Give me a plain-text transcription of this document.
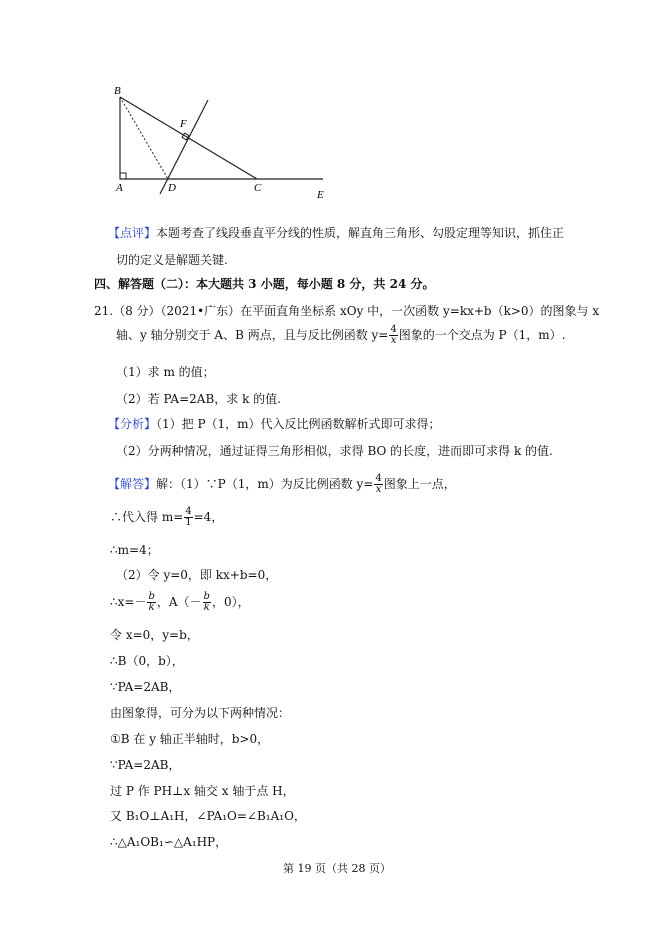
B
F
A	D	C
E
【点评】本题考查了线段垂直平分线的性质，解直角三角形、勾股定理等知识，抓住正
切的定义是解题关键.
四、解答题（二）：本大题共 3 小题，每小题 8 分，共 24 分。
21.（8 分）（2021•广东）在平面直角坐标系 xOy 中，一次函数 y=kx+b（k>0）的图象与 x
轴、y 轴分别交于 A、B 两点，且与反比例函数 $y= \frac{4}{x}$ 图象的一个交点为 P（1，m）.
（1）求 m 的值；
（2）若 PA=2AB，求 k 的值.
【分析】（1）把 P（1，m）代入反比例函数解析式即可求得；
（2）分两种情况，通过证得三角形相似，求得 BO 的长度，进而即可求得 k 的值.
【解答】解：（1）∵P（1，m）为反比例函数 $y= \frac{4}{x}$ 图象上一点，
∴代入得 $m= \frac{4}{1} =4$，
∴m=4；
（2）令 y=0，即 kx+b=0，
∴x=－ $\frac{b}{k}$ ，$A(- \frac{b}{k}$ ，0），
令 x=0，y=b，
∴B（0，b），
∵PA=2AB，
由图象得，可分为以下两种情况：
①B 在 y 轴正半轴时，b>0，
∵PA=2AB，
过 P 作 PH⊥x 轴交 x 轴于点 H，
又 B₁O⊥A₁H，∠PA₁O=∠B₁A₁O，
∴△A₁OB₁∽△A₁HP，
第 19 页（共 28 页）
